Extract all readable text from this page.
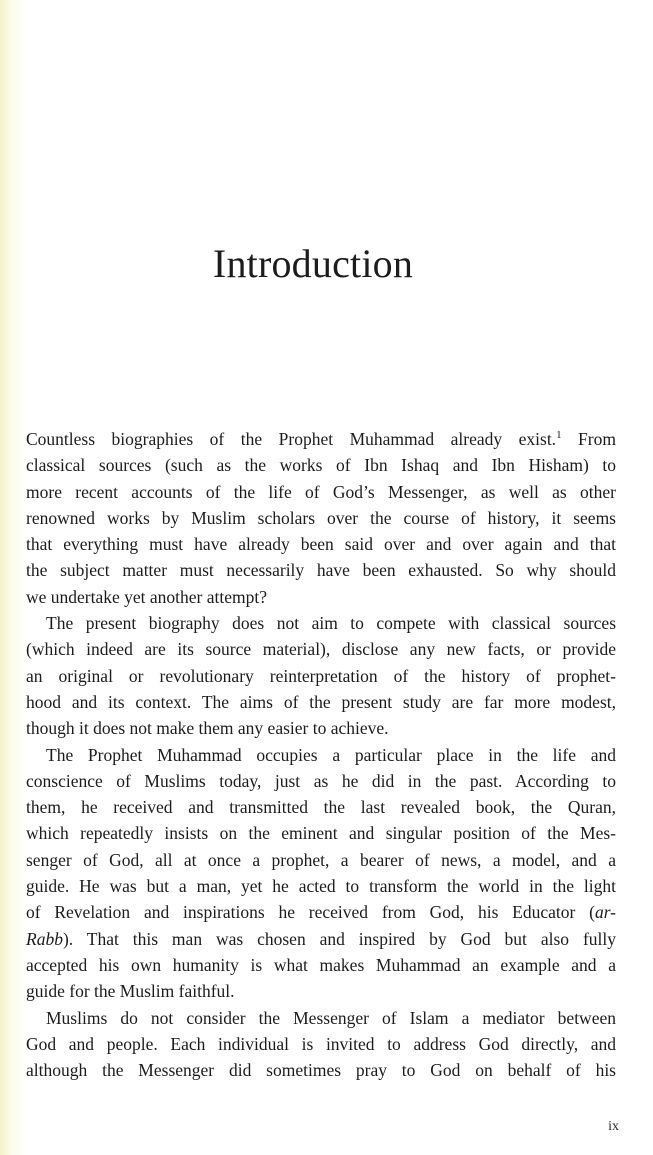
Introduction

Countless biographies of the Prophet Muhammad already exist.$^1$ From
classical sources (such as the works of Ibn Ishaq and Ibn Hisham) to
more recent accounts of the life of God’s Messenger, as well as other
renowned works by Muslim scholars over the course of history, it seems
that everything must have already been said over and over again and that
the subject matter must necessarily have been exhausted. So why should
we undertake yet another attempt?

The present biography does not aim to compete with classical sources
(which indeed are its source material), disclose any new facts, or provide
an original or revolutionary reinterpretation of the history of prophet-
hood and its context. The aims of the present study are far more modest,
though it does not make them any easier to achieve.

The Prophet Muhammad occupies a particular place in the life and
conscience of Muslims today, just as he did in the past. According to
them, he received and transmitted the last revealed book, the Quran,
which repeatedly insists on the eminent and singular position of the Mes-
senger of God, all at once a prophet, a bearer of news, a model, and a
guide. He was but a man, yet he acted to transform the world in the light
of Revelation and inspirations he received from God, his Educator (ar-
Rabb). That this man was chosen and inspired by God but also fully
accepted his own humanity is what makes Muhammad an example and a
guide for the Muslim faithful.

Muslims do not consider the Messenger of Islam a mediator between
God and people. Each individual is invited to address God directly, and
although the Messenger did sometimes pray to God on behalf of his

ix
